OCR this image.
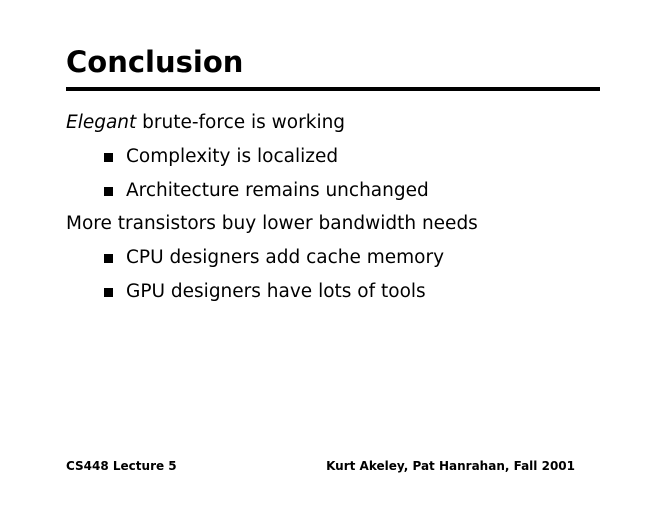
Conclusion
Elegant brute-force is working
Complexity is localized
Architecture remains unchanged
More transistors buy lower bandwidth needs
CPU designers add cache memory
GPU designers have lots of tools
CS448 Lecture 5	Kurt Akeley, Pat Hanrahan, Fall 2001
